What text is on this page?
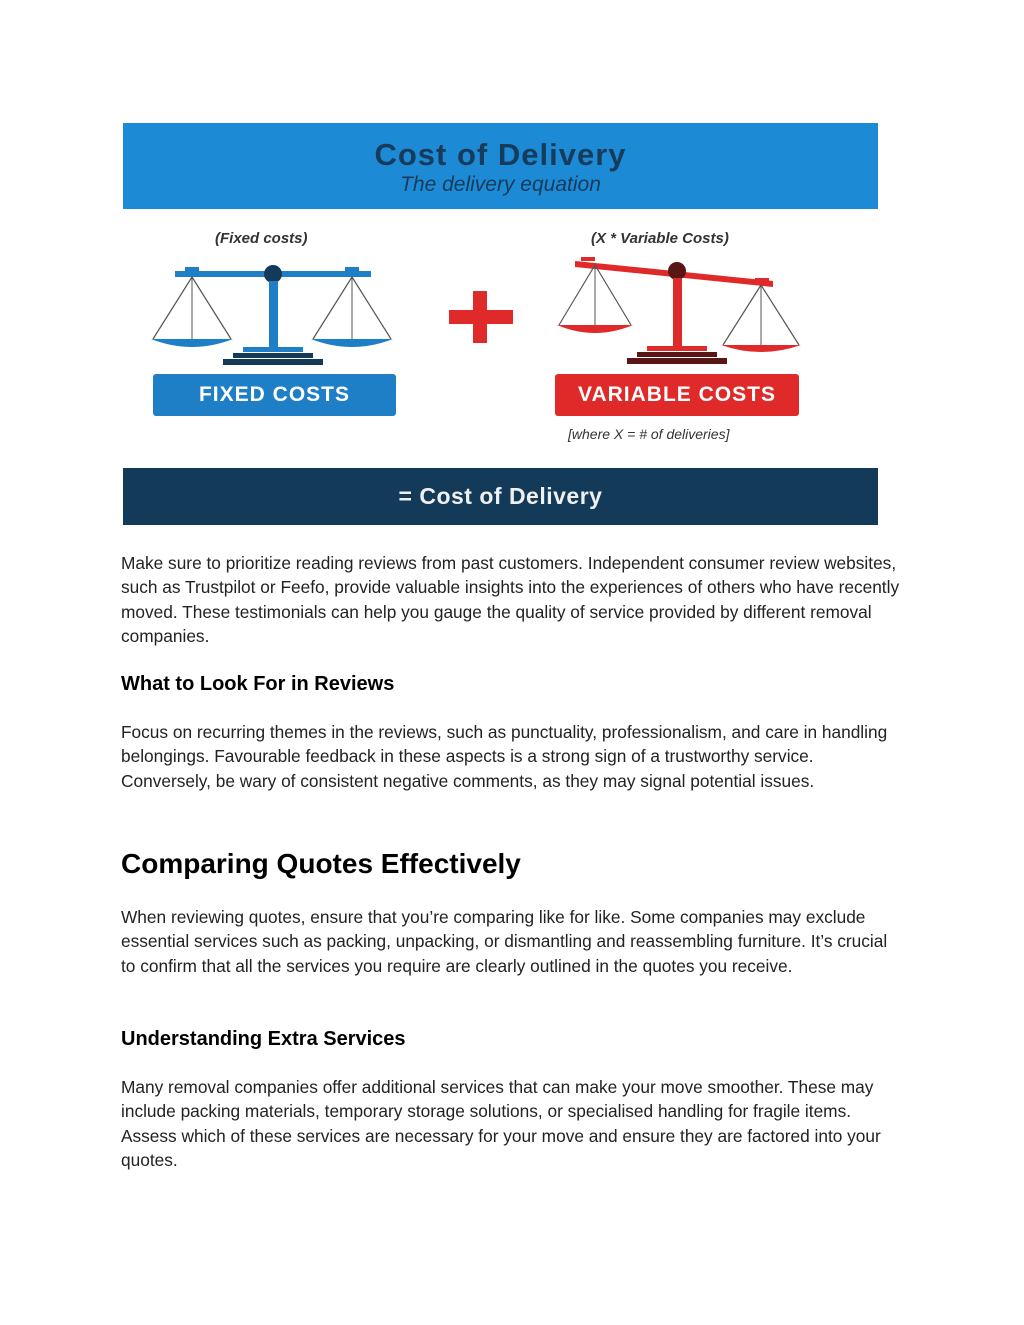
Cost of Delivery
The delivery equation
(Fixed costs)	(X * Variable Costs)
FIXED COSTS	VARIABLE COSTS
[where X = # of deliveries]
= Cost of Delivery

Make sure to prioritize reading reviews from past customers. Independent consumer review websites, such as Trustpilot or Feefo, provide valuable insights into the experiences of others who have recently moved. These testimonials can help you gauge the quality of service provided by different removal companies.

What to Look For in Reviews

Focus on recurring themes in the reviews, such as punctuality, professionalism, and care in handling belongings. Favourable feedback in these aspects is a strong sign of a trustworthy service. Conversely, be wary of consistent negative comments, as they may signal potential issues.

Comparing Quotes Effectively

When reviewing quotes, ensure that you’re comparing like for like. Some companies may exclude essential services such as packing, unpacking, or dismantling and reassembling furniture. It’s crucial to confirm that all the services you require are clearly outlined in the quotes you receive.

Understanding Extra Services

Many removal companies offer additional services that can make your move smoother. These may include packing materials, temporary storage solutions, or specialised handling for fragile items. Assess which of these services are necessary for your move and ensure they are factored into your quotes.
